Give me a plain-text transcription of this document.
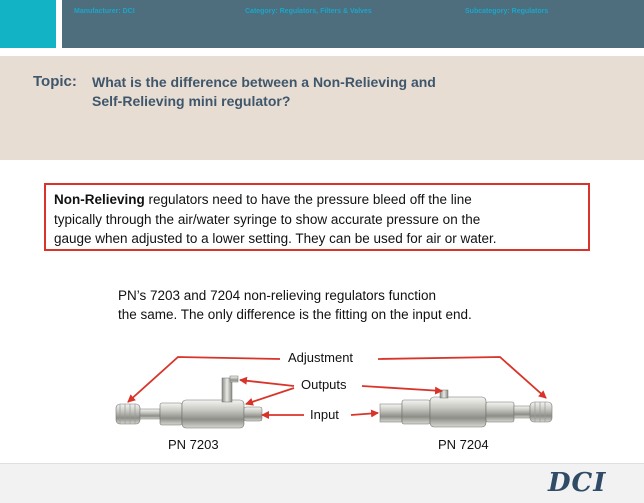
Manufacturer: DCI	Category: Regulators, Filters & Valves	Subcategory: Regulators
Topic: What is the difference between a Non-Relieving and
Self-Relieving mini regulator?
Non-Relieving regulators need to have the pressure bleed off the line
typically through the air/water syringe to show accurate pressure on the
gauge when adjusted to a lower setting. They can be used for air or water.
PN’s 7203 and 7204 non-relieving regulators function
the same. The only difference is the fitting on the input end.
Adjustment
Outputs
Input
PN 7203	PN 7204
DCI
